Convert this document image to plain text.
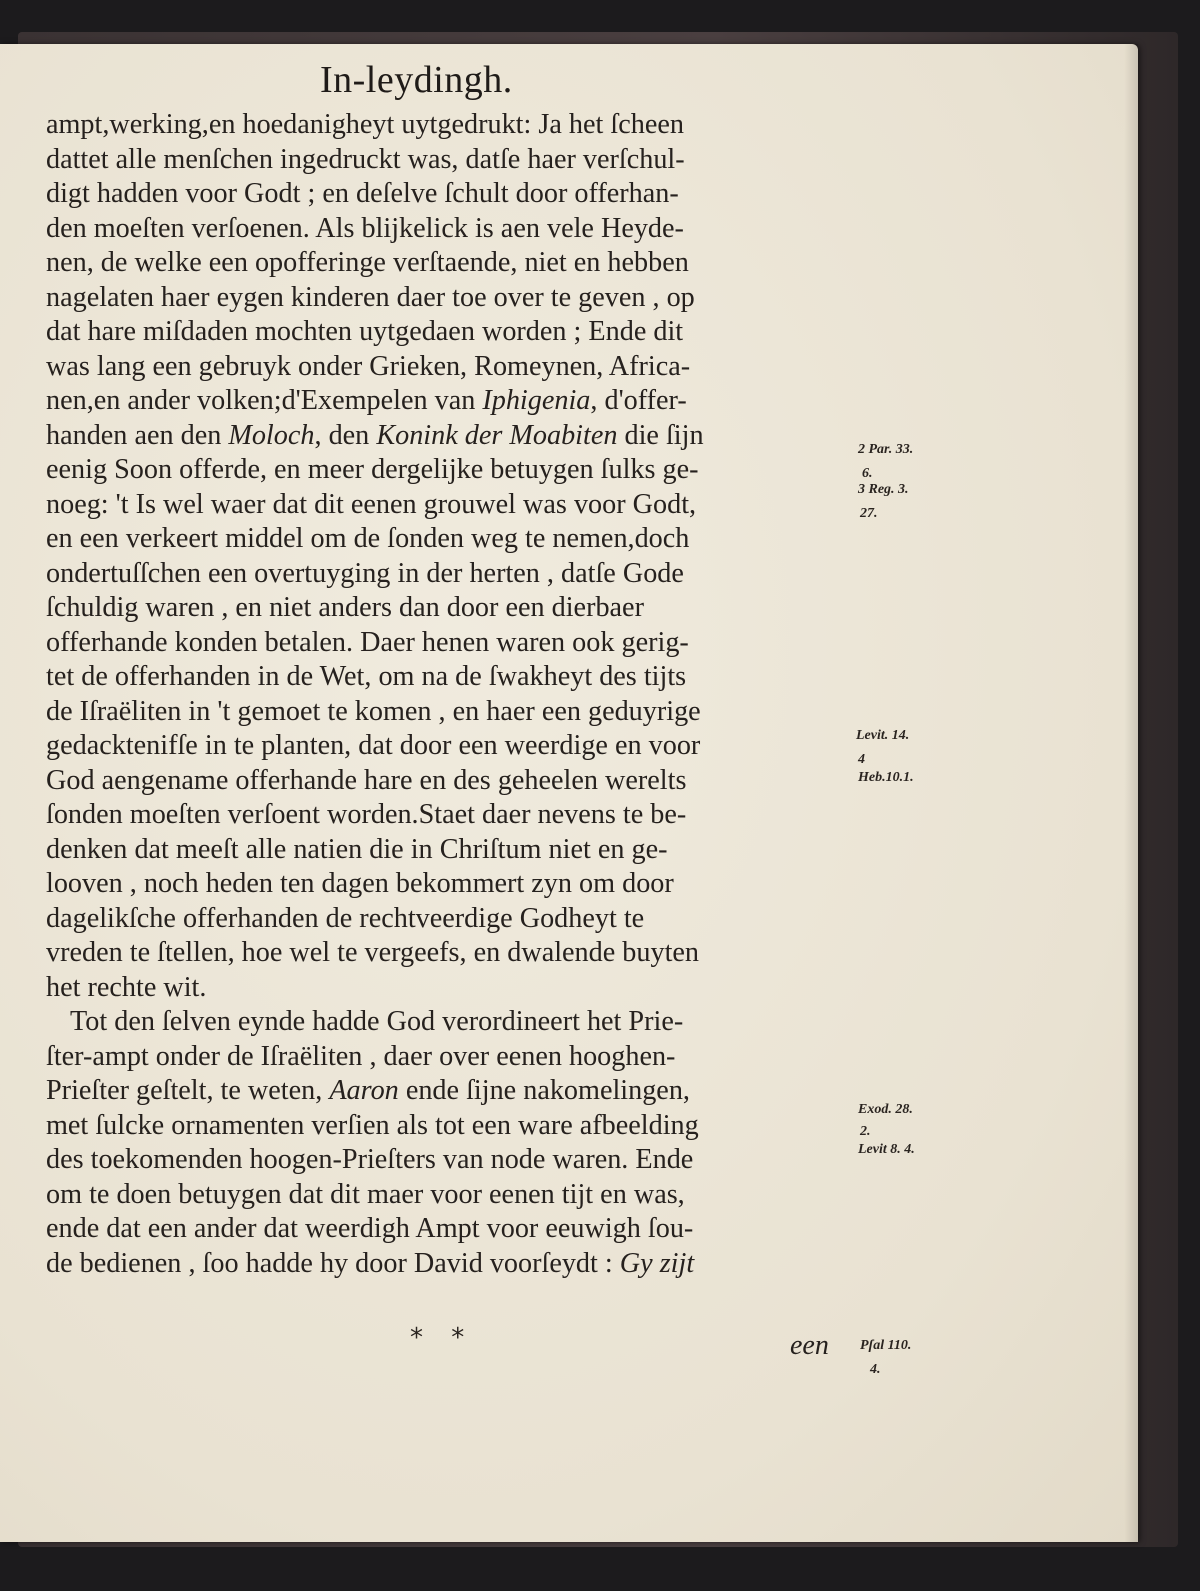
In-leydingh.
ampt,werking,en hoedanigheyt uytgedrukt: Ja het ſcheen
dattet alle menſchen ingedruckt was, datſe haer verſchul-
digt hadden voor Godt ; en deſelve ſchult door offerhan-
den moeſten verſoenen. Als blijkelick is aen vele Heyde-
nen, de welke een opofferinge verſtaende, niet en hebben
nagelaten haer eygen kinderen daer toe over te geven , op
dat hare miſdaden mochten uytgedaen worden ; Ende dit
was lang een gebruyk onder Grieken, Romeynen, Africa-
nen,en ander volken;d'Exempelen van Iphigenia, d'offer-
handen aen den Moloch, den Konink der Moabiten die ſijn
eenig Soon offerde, en meer dergelijke betuygen ſulks ge-
noeg: 't Is wel waer dat dit eenen grouwel was voor Godt,
en een verkeert middel om de ſonden weg te nemen,doch
ondertuſſchen een overtuyging in der herten , datſe Gode
ſchuldig waren , en niet anders dan door een dierbaer
offerhande konden betalen. Daer henen waren ook gerig-
tet de offerhanden in de Wet, om na de ſwakheyt des tijts
de Iſraëliten in 't gemoet te komen , en haer een geduyrige
gedacktenifſe in te planten, dat door een weerdige en voor
God aengename offerhande hare en des geheelen werelts
ſonden moeſten verſoent worden.Staet daer nevens te be-
denken dat meeſt alle natien die in Chriſtum niet en ge-
looven , noch heden ten dagen bekommert zyn om door
dagelikſche offerhanden de rechtveerdige Godheyt te
vreden te ſtellen, hoe wel te vergeefs, en dwalende buyten
het rechte wit.
Tot den ſelven eynde hadde God verordineert het Prie-
ſter-ampt onder de Iſraëliten , daer over eenen hooghen-
Prieſter geſtelt, te weten, Aaron ende ſijne nakomelingen,
met ſulcke ornamenten verſien als tot een ware afbeelding
des toekomenden hoogen-Prieſters van node waren. Ende
om te doen betuygen dat dit maer voor eenen tijt en was,
ende dat een ander dat weerdigh Ampt voor eeuwigh ſou-
de bedienen , ſoo hadde hy door David voorſeydt : Gy zijt
2 Par. 33.
6.
3 Reg. 3.
27.
Levit. 14.
4
Heb.10.1.
Exod. 28.
2.
Levit 8. 4.
Pſal 110.
4.
* *	een
